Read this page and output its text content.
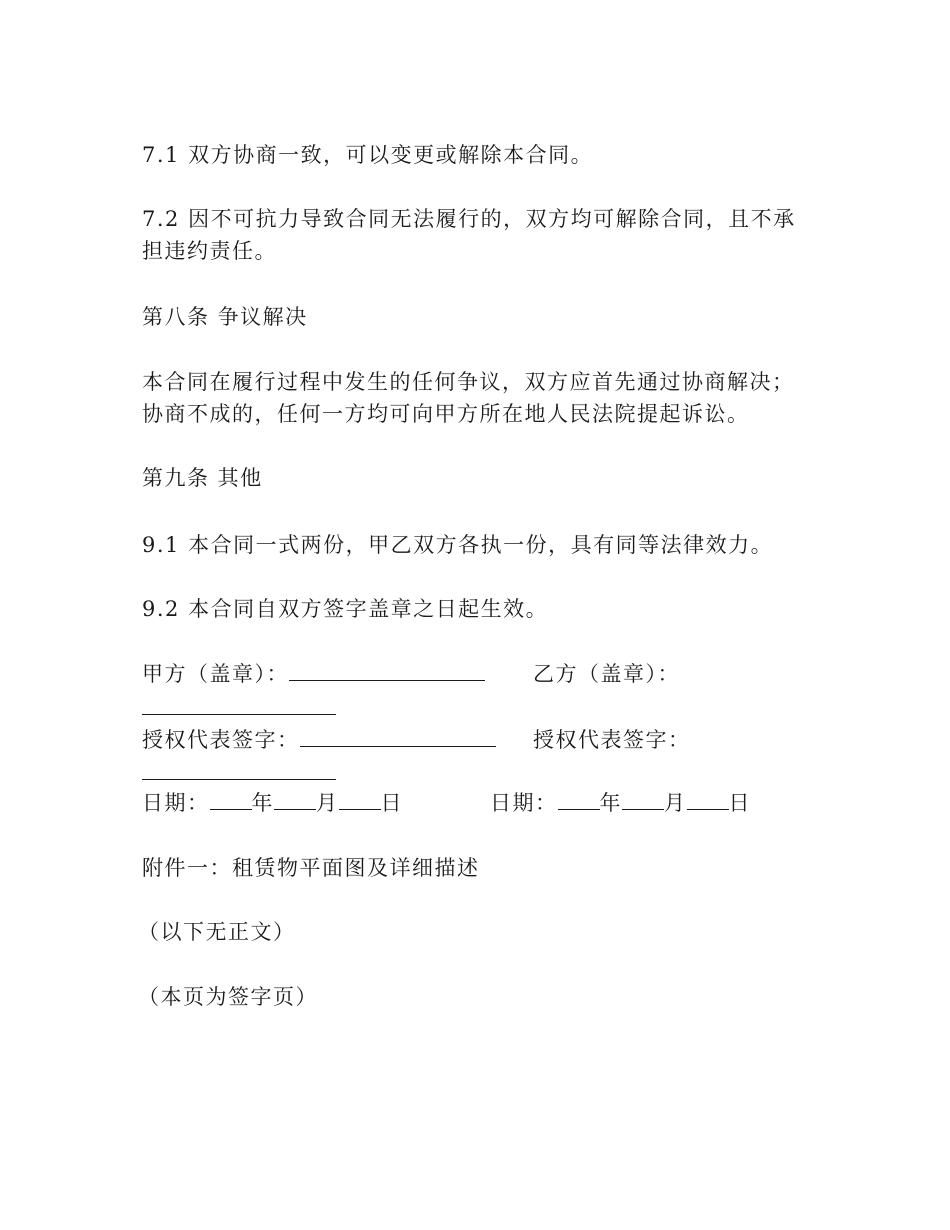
7.1 双方协商一致，可以变更或解除本合同。
7.2 因不可抗力导致合同无法履行的，双方均可解除合同，且不承担违约责任。
第八条 争议解决
本合同在履行过程中发生的任何争议，双方应首先通过协商解决；协商不成的，任何一方均可向甲方所在地人民法院提起诉讼。
第九条 其他
9.1 本合同一式两份，甲乙双方各执一份，具有同等法律效力。
9.2 本合同自双方签字盖章之日起生效。
甲方（盖章）：	乙方（盖章）：
授权代表签字：	授权代表签字：
日期： 年 月 日	日期： 年 月 日
附件一：租赁物平面图及详细描述
（以下无正文）
（本页为签字页）
